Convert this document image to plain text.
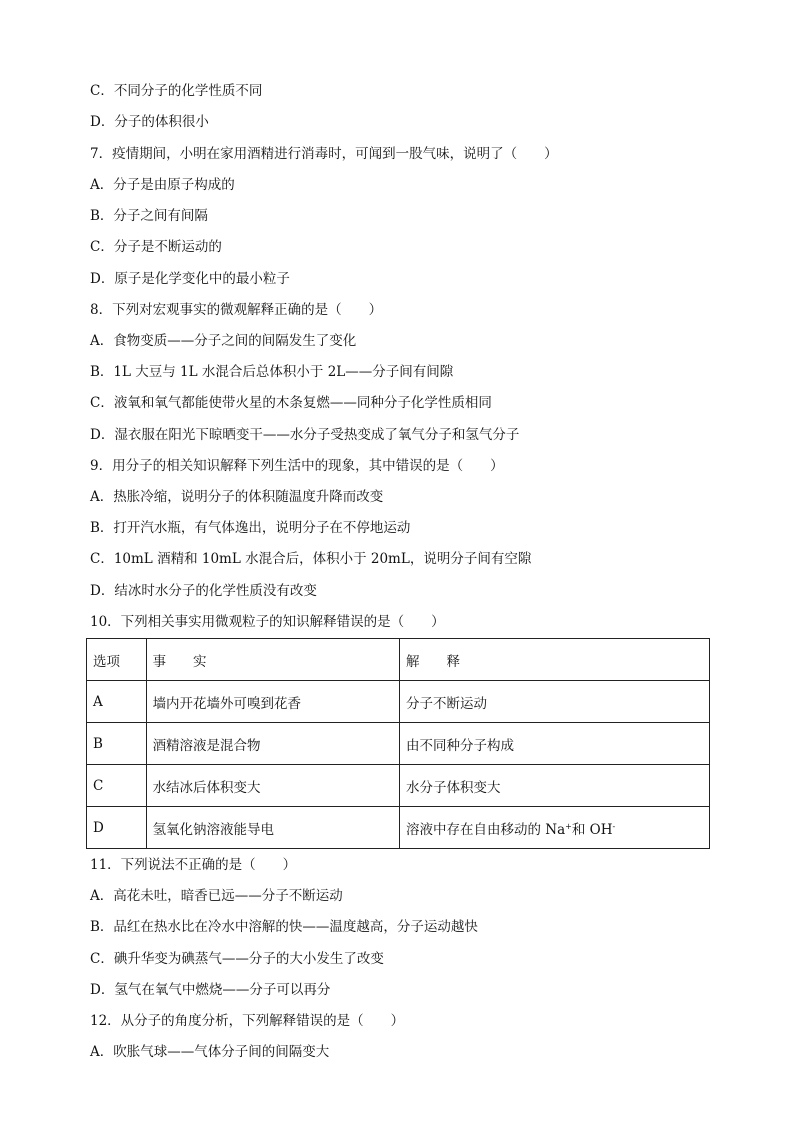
C．不同分子的化学性质不同
D．分子的体积很小
7．疫情期间，小明在家用酒精进行消毒时，可闻到一股气味，说明了（　　）
A．分子是由原子构成的
B．分子之间有间隔
C．分子是不断运动的
D．原子是化学变化中的最小粒子
8．下列对宏观事实的微观解释正确的是（　　）
A．食物变质——分子之间的间隔发生了变化
B．1L 大豆与 1L 水混合后总体积小于 2L——分子间有间隙
C．液氧和氧气都能使带火星的木条复燃——同种分子化学性质相同
D．湿衣服在阳光下晾晒变干——水分子受热变成了氧气分子和氢气分子
9．用分子的相关知识解释下列生活中的现象，其中错误的是（　　）
A．热胀冷缩，说明分子的体积随温度升降而改变
B．打开汽水瓶，有气体逸出，说明分子在不停地运动
C．10mL 酒精和 10mL 水混合后，体积小于 20mL，说明分子间有空隙
D．结冰时水分子的化学性质没有改变
10．下列相关事实用微观粒子的知识解释错误的是（　　）
选项	事　　实	解　　释
A	墙内开花墙外可嗅到花香	分子不断运动
B	酒精溶液是混合物	由不同种分子构成
C	水结冰后体积变大	水分子体积变大
D	氢氧化钠溶液能导电	溶液中存在自由移动的 Na+和 OH-
11．下列说法不正确的是（　　）
A．高花未吐，暗香已远——分子不断运动
B．品红在热水比在冷水中溶解的快——温度越高，分子运动越快
C．碘升华变为碘蒸气——分子的大小发生了改变
D．氢气在氧气中燃烧——分子可以再分
12．从分子的角度分析，下列解释错误的是（　　）
A．吹胀气球——气体分子间的间隔变大
